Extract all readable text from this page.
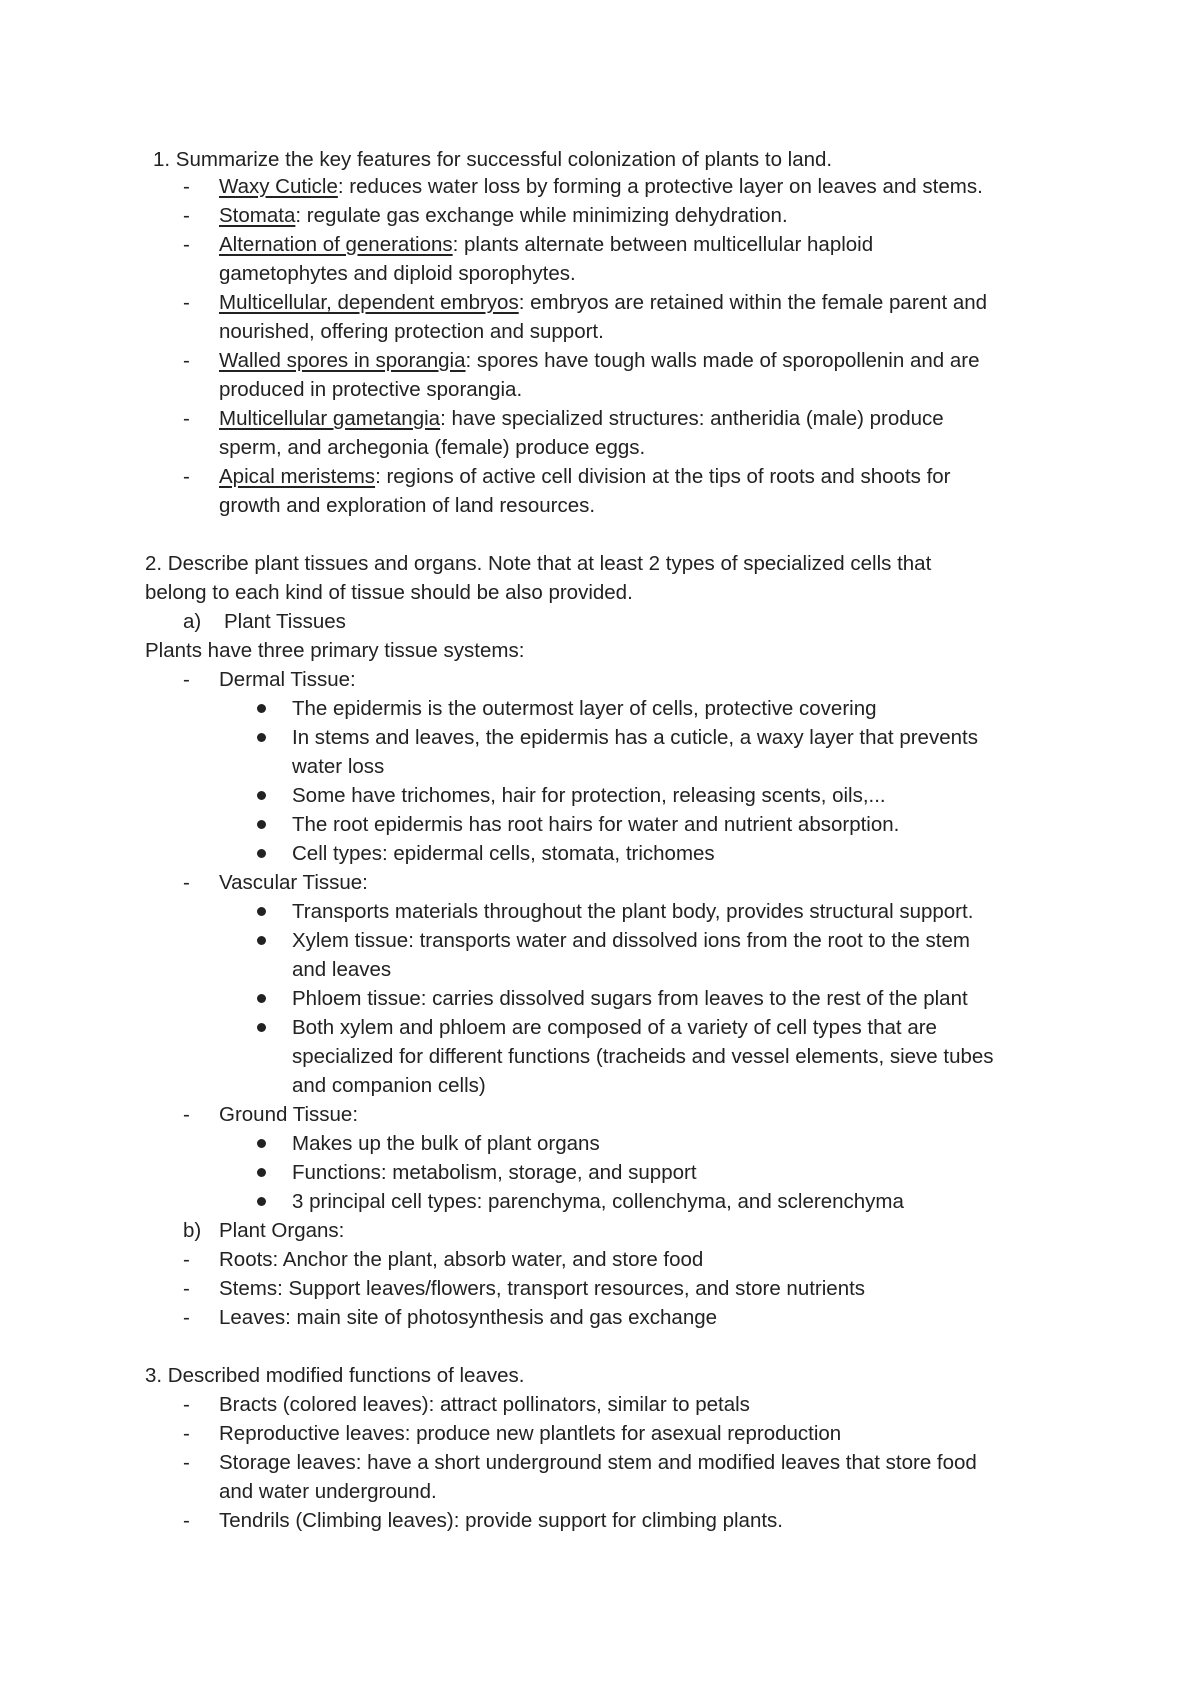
1. Summarize the key features for successful colonization of plants to land.
- Waxy Cuticle: reduces water loss by forming a protective layer on leaves and stems.
- Stomata: regulate gas exchange while minimizing dehydration.
- Alternation of generations: plants alternate between multicellular haploid
gametophytes and diploid sporophytes.
- Multicellular, dependent embryos: embryos are retained within the female parent and
nourished, offering protection and support.
- Walled spores in sporangia: spores have tough walls made of sporopollenin and are
produced in protective sporangia.
- Multicellular gametangia: have specialized structures: antheridia (male) produce
sperm, and archegonia (female) produce eggs.
- Apical meristems: regions of active cell division at the tips of roots and shoots for
growth and exploration of land resources.
2. Describe plant tissues and organs. Note that at least 2 types of specialized cells that
belong to each kind of tissue should be also provided.
a) Plant Tissues
Plants have three primary tissue systems:
- Dermal Tissue:
The epidermis is the outermost layer of cells, protective covering
In stems and leaves, the epidermis has a cuticle, a waxy layer that prevents
water loss
Some have trichomes, hair for protection, releasing scents, oils,...
The root epidermis has root hairs for water and nutrient absorption.
Cell types: epidermal cells, stomata, trichomes
- Vascular Tissue:
Transports materials throughout the plant body, provides structural support.
Xylem tissue: transports water and dissolved ions from the root to the stem
and leaves
Phloem tissue: carries dissolved sugars from leaves to the rest of the plant
Both xylem and phloem are composed of a variety of cell types that are
specialized for different functions (tracheids and vessel elements, sieve tubes
and companion cells)
- Ground Tissue:
Makes up the bulk of plant organs
Functions: metabolism, storage, and support
3 principal cell types: parenchyma, collenchyma, and sclerenchyma
b) Plant Organs:
- Roots: Anchor the plant, absorb water, and store food
- Stems: Support leaves/flowers, transport resources, and store nutrients
- Leaves: main site of photosynthesis and gas exchange
3. Described modified functions of leaves.
- Bracts (colored leaves): attract pollinators, similar to petals
- Reproductive leaves: produce new plantlets for asexual reproduction
- Storage leaves: have a short underground stem and modified leaves that store food
and water underground.
- Tendrils (Climbing leaves): provide support for climbing plants.
